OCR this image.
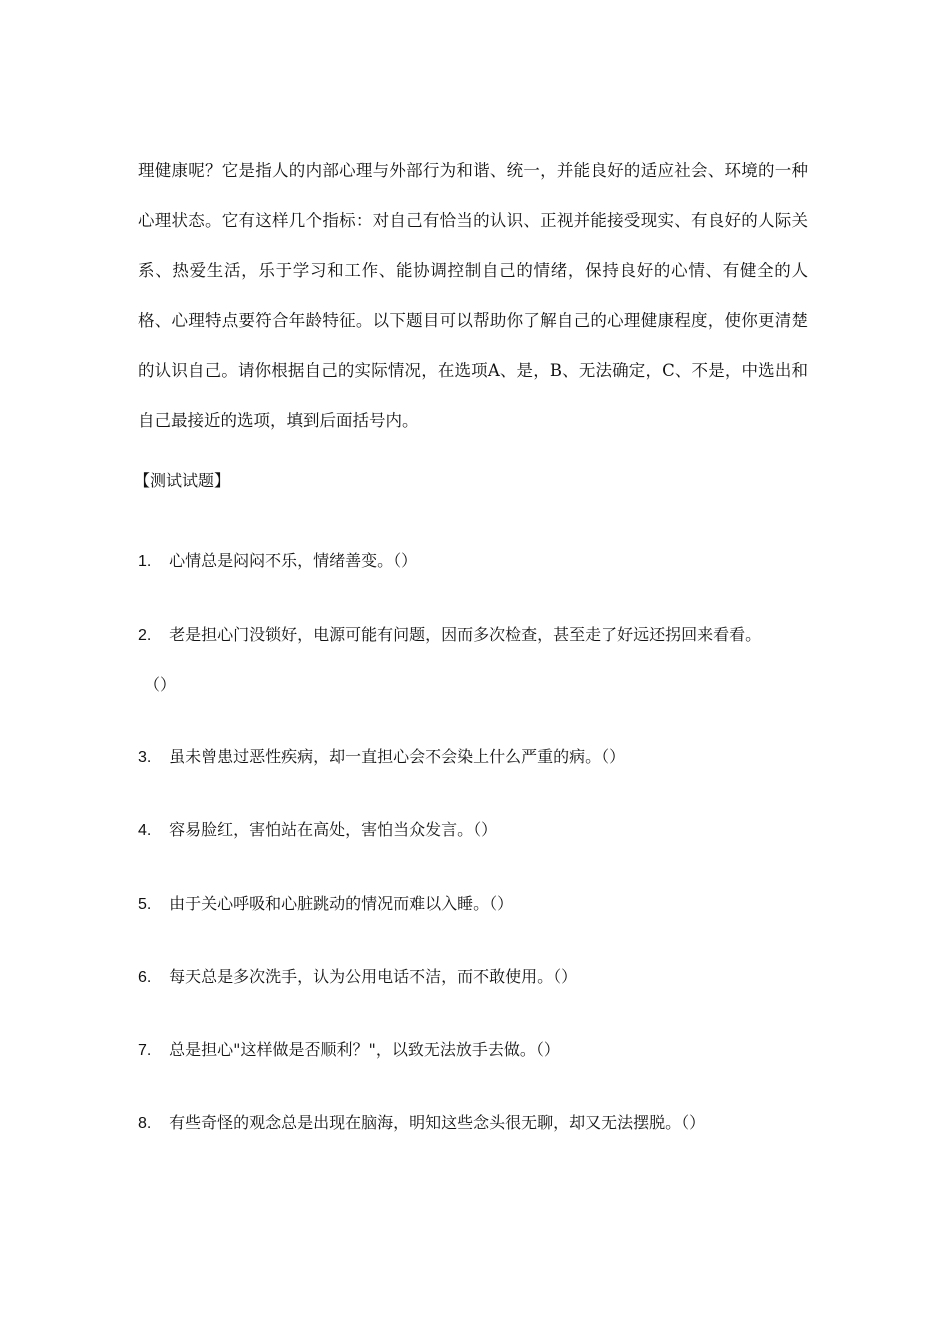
理健康呢？它是指人的内部心理与外部行为和谐、统一，并能良好的适应社会、环境的一种心理状态。它有这样几个指标：对自己有恰当的认识、正视并能接受现实、有良好的人际关系、热爱生活，乐于学习和工作、能协调控制自己的情绪，保持良好的心情、有健全的人格、心理特点要符合年龄特征。以下题目可以帮助你了解自己的心理健康程度，使你更清楚的认识自己。请你根据自己的实际情况，在选项A、是，B、无法确定，C、不是，中选出和自己最接近的选项，填到后面括号内。

【测试试题】

1. 心情总是闷闷不乐，情绪善变。（）

2. 老是担心门没锁好，电源可能有问题，因而多次检查，甚至走了好远还拐回来看看。

（）

3. 虽未曾患过恶性疾病，却一直担心会不会染上什么严重的病。（）

4. 容易脸红，害怕站在高处，害怕当众发言。（）

5. 由于关心呼吸和心脏跳动的情况而难以入睡。（）

6. 每天总是多次洗手，认为公用电话不洁，而不敢使用。（）

7. 总是担心"这样做是否顺利？"，以致无法放手去做。（）

8. 有些奇怪的观念总是出现在脑海，明知这些念头很无聊，却又无法摆脱。（）
